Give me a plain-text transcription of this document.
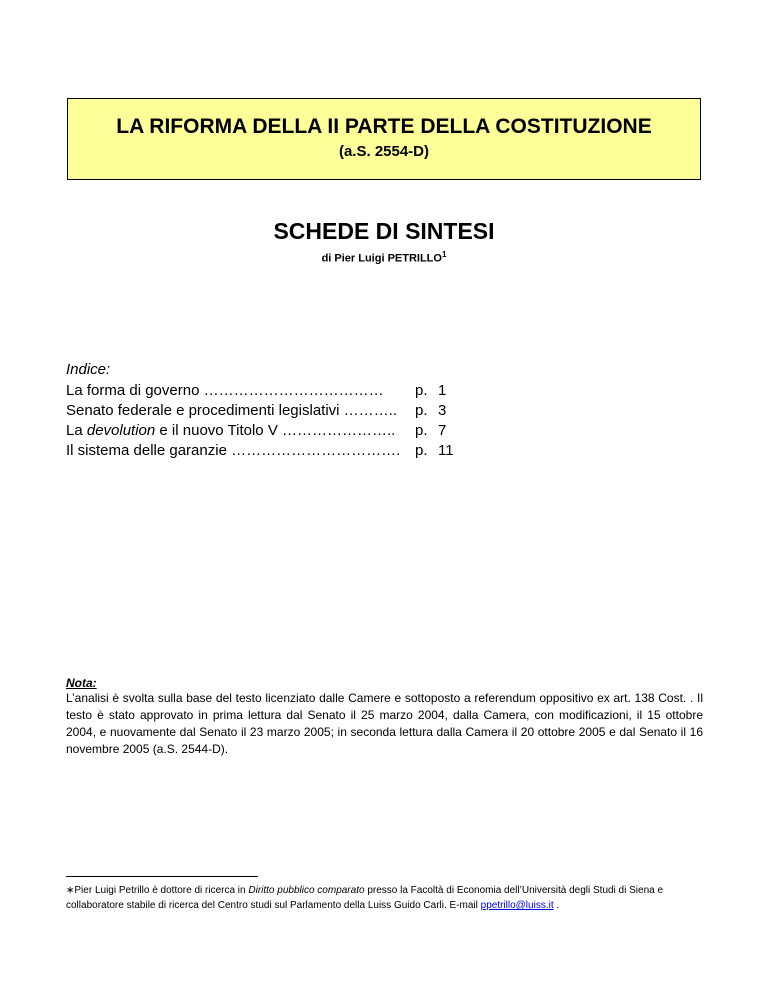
LA RIFORMA DELLA II PARTE DELLA COSTITUZIONE
(a.S. 2554-D)
SCHEDE DI SINTESI
di Pier Luigi PETRILLO$^1$
Indice:
La forma di governo ……………………………… p. 1
Senato federale e procedimenti legislativi ……….. p. 3
La devolution e il nuovo Titolo V ………………….. p. 7
Il sistema delle garanzie ……………………………. p. 11
Nota:
L’analisi è svolta sulla base del testo licenziato dalle Camere e sottoposto a referendum oppositivo ex art. 138 Cost. . Il testo è stato approvato in prima lettura dal Senato il 25 marzo 2004, dalla Camera, con modificazioni, il 15 ottobre 2004, e nuovamente dal Senato il 23 marzo 2005; in seconda lettura dalla Camera il 20 ottobre 2005 e dal Senato il 16 novembre 2005 (a.S. 2544-D).
∗Pier Luigi Petrillo è dottore di ricerca in Diritto pubblico comparato presso la Facoltà di Economia dell’Università degli Studi di Siena e collaboratore stabile di ricerca del Centro studi sul Parlamento della Luiss Guido Carli. E-mail ppetrillo@luiss.it .
